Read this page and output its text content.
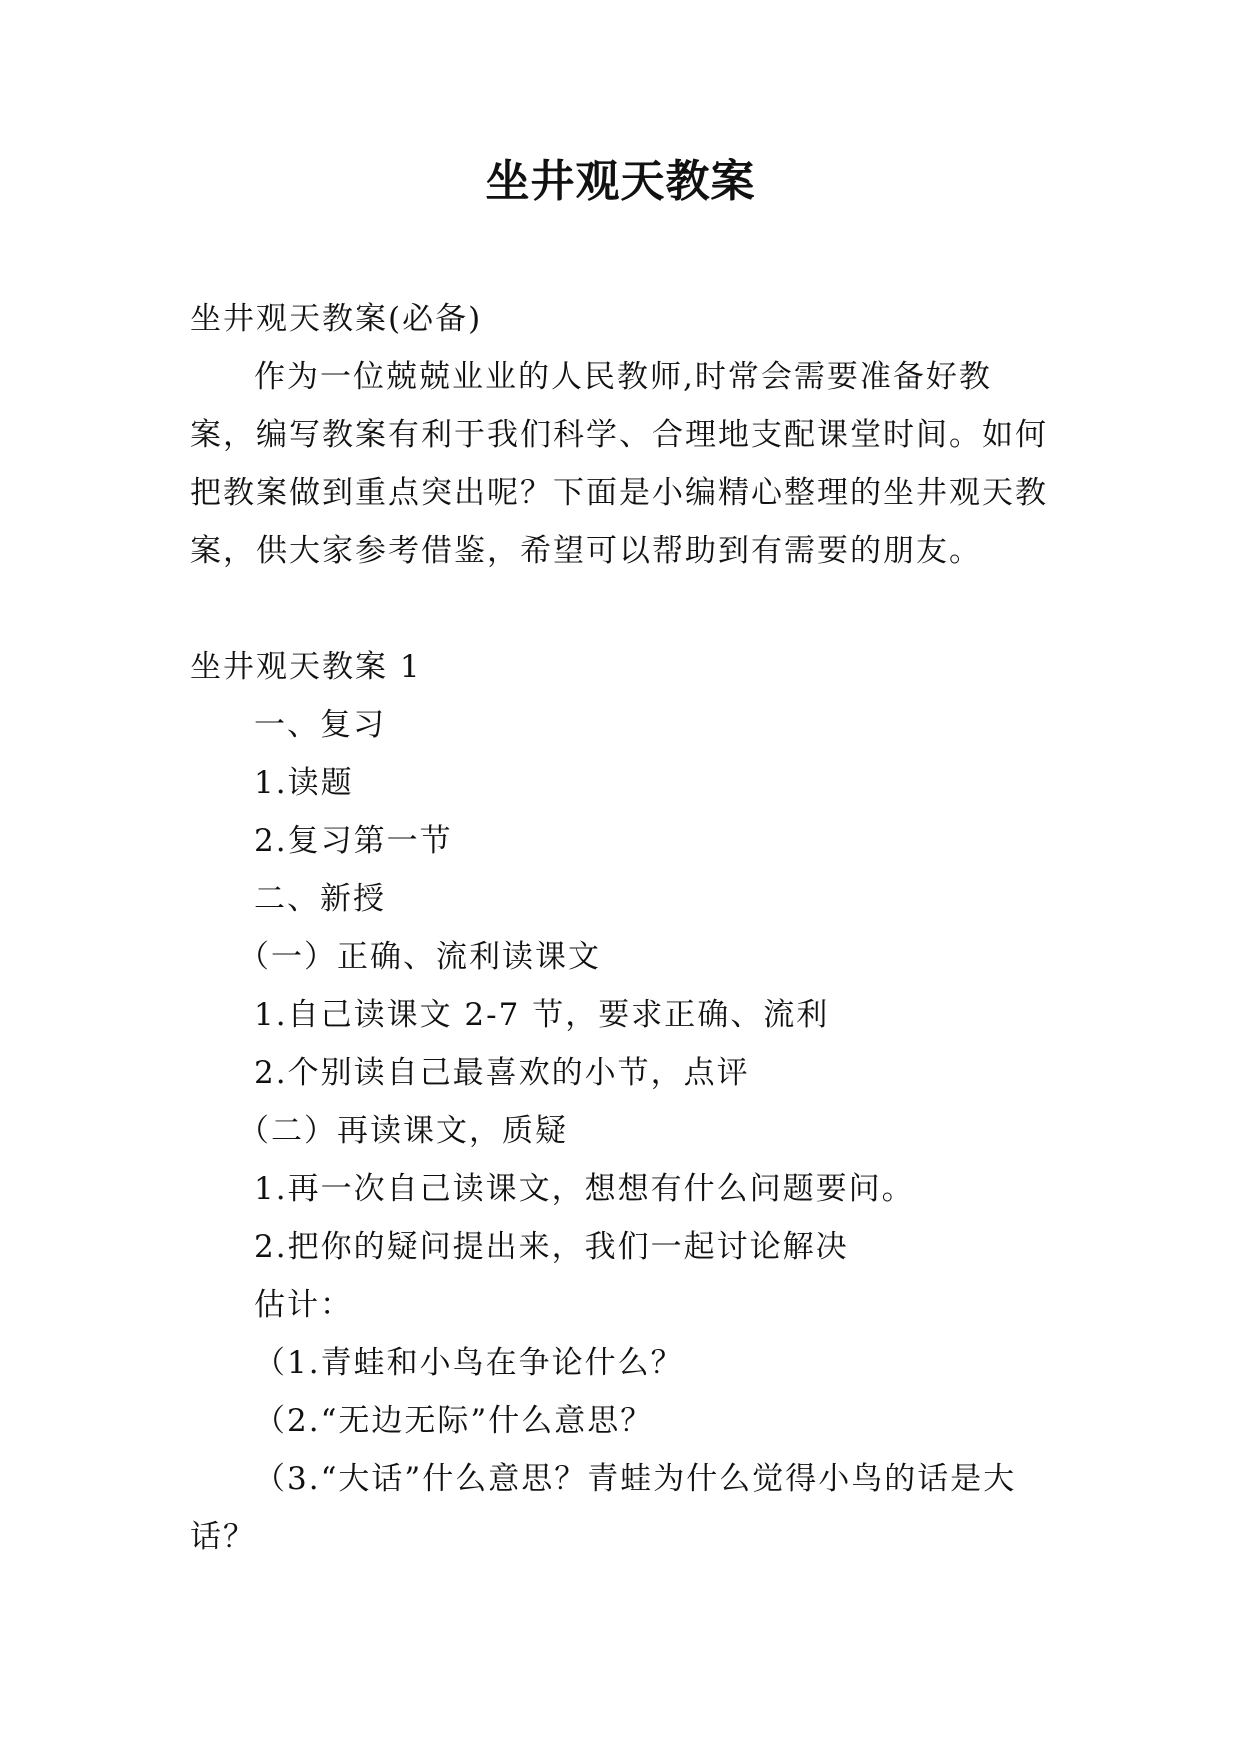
坐井观天教案

坐井观天教案(必备)

作为一位兢兢业业的人民教师,时常会需要准备好教案，编写教案有利于我们科学、合理地支配课堂时间。如何把教案做到重点突出呢？下面是小编精心整理的坐井观天教案，供大家参考借鉴，希望可以帮助到有需要的朋友。

坐井观天教案 1

一、复习

1.读题

2.复习第一节

二、新授

（一）正确、流利读课文

1.自己读课文 2-7 节，要求正确、流利

2.个别读自己最喜欢的小节，点评

（二）再读课文，质疑

1.再一次自己读课文，想想有什么问题要问。

2.把你的疑问提出来，我们一起讨论解决

估计：

（1.青蛙和小鸟在争论什么？

（2.“无边无际”什么意思？

（3.“大话”什么意思？青蛙为什么觉得小鸟的话是大话？
